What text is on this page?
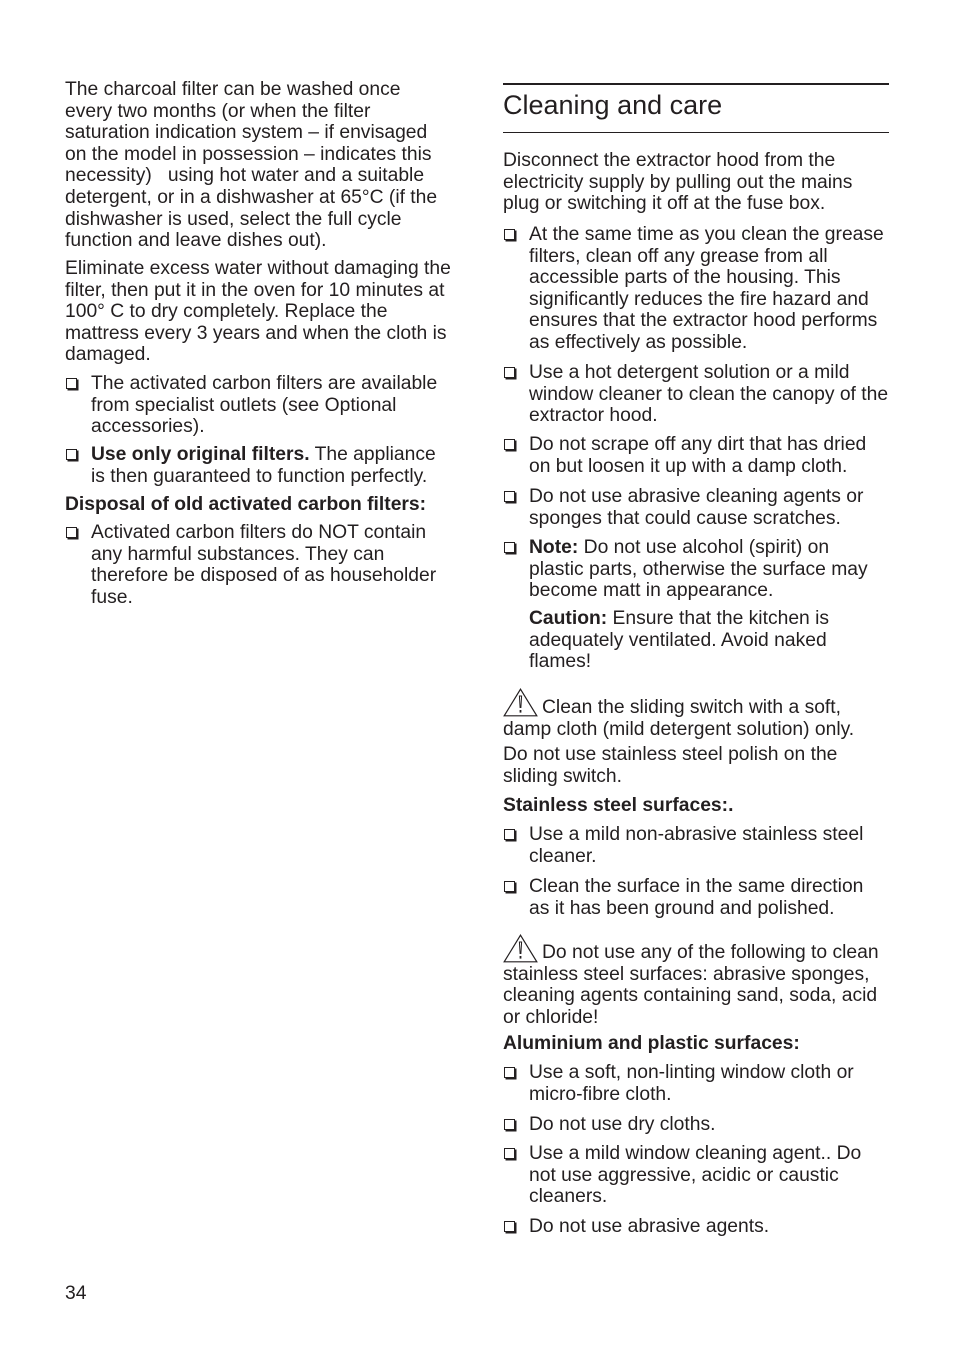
The charcoal filter can be washed once
every two months (or when the filter
saturation indication system – if envisaged
on the model in possession – indicates this
necessity)   using hot water and a suitable
detergent, or in a dishwasher at 65°C (if the
dishwasher is used, select the full cycle
function and leave dishes out).
Eliminate excess water without damaging the
filter, then put it in the oven for 10 minutes at
100° C to dry completely. Replace the
mattress every 3 years and when the cloth is
damaged.
The activated carbon filters are available
from specialist outlets (see Optional
accessories).
Use only original filters. The appliance
is then guaranteed to function perfectly.
Disposal of old activated carbon filters:
Activated carbon filters do NOT contain
any harmful substances. They can
therefore be disposed of as householder
fuse.
Cleaning and care
Disconnect the extractor hood from the
electricity supply by pulling out the mains
plug or switching it off at the fuse box.
At the same time as you clean the grease
filters, clean off any grease from all
accessible parts of the housing. This
significantly reduces the fire hazard and
ensures that the extractor hood performs
as effectively as possible.
Use a hot detergent solution or a mild
window cleaner to clean the canopy of the
extractor hood.
Do not scrape off any dirt that has dried
on but loosen it up with a damp cloth.
Do not use abrasive cleaning agents or
sponges that could cause scratches.
Note: Do not use alcohol (spirit) on
plastic parts, otherwise the surface may
become matt in appearance.
Caution: Ensure that the kitchen is
adequately ventilated. Avoid naked
flames!
Clean the sliding switch with a soft,
damp cloth (mild detergent solution) only.
Do not use stainless steel polish on the
sliding switch.
Stainless steel surfaces:.
Use a mild non-abrasive stainless steel
cleaner.
Clean the surface in the same direction
as it has been ground and polished.
Do not use any of the following to clean
stainless steel surfaces: abrasive sponges,
cleaning agents containing sand, soda, acid
or chloride!
Aluminium and plastic surfaces:
Use a soft, non-linting window cloth or
micro-fibre cloth.
Do not use dry cloths.
Use a mild window cleaning agent.. Do
not use aggressive, acidic or caustic
cleaners.
Do not use abrasive agents.
34
